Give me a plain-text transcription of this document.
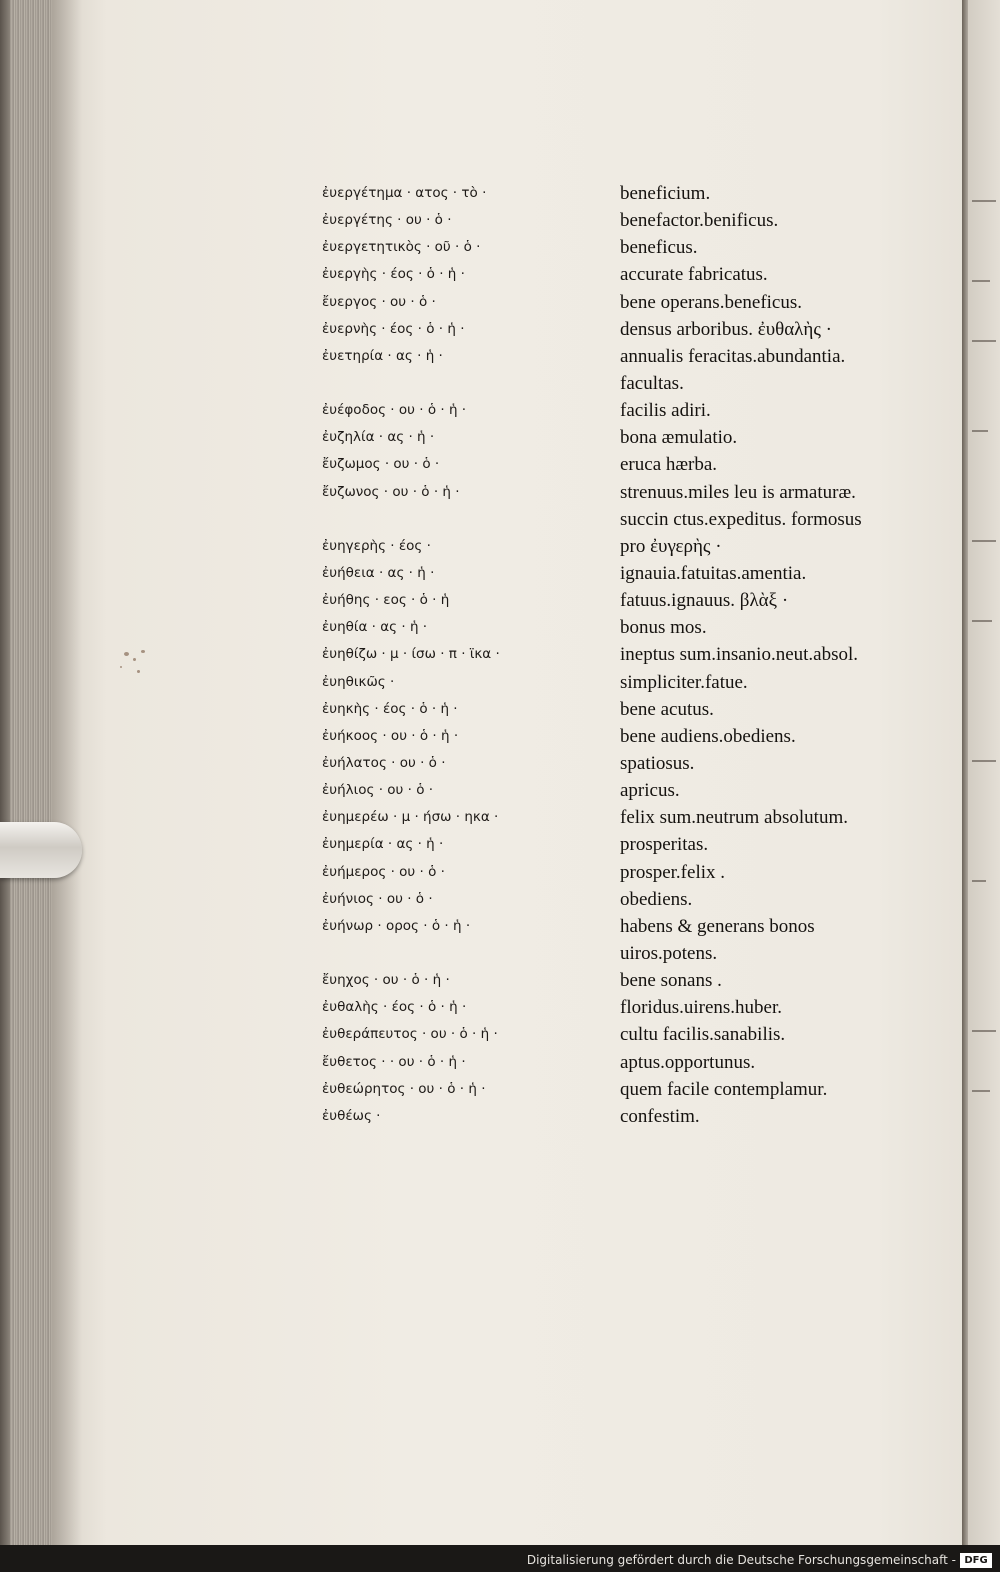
ἐυεργέτημα · ατος · τὸ ·	beneficium.
ἐυεργέτης · ου · ὁ ·	benefactor.benificus.
ἐυεργετητικὸς · οῦ · ὁ ·	beneficus.
ἐυεργὴς · έος · ὁ · ἡ ·	accurate fabricatus.
ἔυεργος · ου · ὁ ·	bene operans.beneficus.
ἐυερνὴς · έος · ὁ · ἡ ·	densus arboribus. ἐυθαλὴς ·
ἐυετηρία · ας · ἡ ·	annualis feracitas.abundantia.
facultas.
ἐυέφοδος · ου · ὁ · ἡ ·	facilis adiri.
ἐυζηλία · ας · ἡ ·	bona æmulatio.
ἔυζωμος · ου · ὁ ·	eruca hærba.
ἔυζωνος · ου · ὁ · ἡ ·	strenuus.miles leu is armaturæ.
succin ctus.expeditus. formosus
ἐυηγερὴς · έος ·	pro ἐυγερὴς ·
ἐυήθεια · ας · ἡ ·	ignauia.fatuitas.amentia.
ἐυήθης · εος · ὁ · ἡ	fatuus.ignauus. βλὰξ ·
ἐυηθία · ας · ἡ ·	bonus mos.
ἐυηθίζω · μ · ίσω · π · ϊκα ·	ineptus sum.insanio.neut.absol.
ἐυηθικῶς ·	simpliciter.fatue.
ἐυηκὴς · έος · ὁ · ἡ ·	bene acutus.
ἐυήκοος · ου · ὁ · ἡ ·	bene audiens.obediens.
ἐυήλατος · ου · ὁ ·	spatiosus.
ἐυήλιος · ου · ὁ ·	apricus.
ἐυημερέω · μ · ήσω · ηκα ·	felix sum.neutrum absolutum.
ἐυημερία · ας · ἡ ·	prosperitas.
ἐυήμερος · ου · ὁ ·	prosper.felix .
ἐυήνιος · ου · ὁ ·	obediens.
ἐυήνωρ · ορος · ὁ · ἡ ·	habens & generans bonos
uiros.potens.
ἔυηχος · ου · ὁ · ἡ ·	bene sonans .
ἐυθαλὴς · έος · ὁ · ἡ ·	floridus.uirens.huber.
ἐυθεράπευτος · ου · ὁ · ἡ ·	cultu facilis.sanabilis.
ἔυθετος · · ου · ὁ · ἡ ·	aptus.opportunus.
ἐυθεώρητος · ου · ὁ · ἡ ·	quem facile contemplamur.
ἐυθέως ·	confestim.
Digitalisierung gefördert durch die Deutsche Forschungsgemeinschaft - DFG
